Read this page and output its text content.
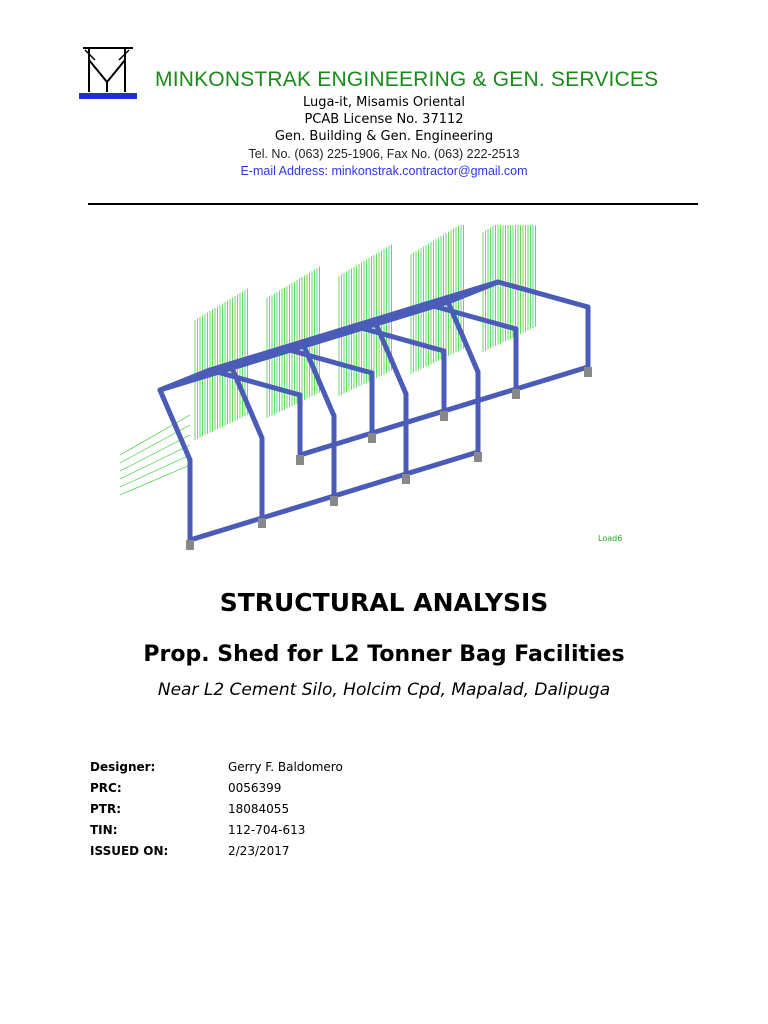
MINKONSTRAK ENGINEERING & GEN. SERVICES
Luga-it, Misamis Oriental
PCAB License No. 37112
Gen. Building & Gen. Engineering
Tel. No. (063) 225-1906, Fax No. (063) 222-2513
E-mail Address: minkonstrak.contractor@gmail.com
Load6
STRUCTURAL ANALYSIS
Prop. Shed for L2 Tonner Bag Facilities
Near L2 Cement Silo, Holcim Cpd, Mapalad, Dalipuga
Designer:	Gerry F. Baldomero
PRC:	0056399
PTR:	18084055
TIN:	112-704-613
ISSUED ON:	2/23/2017
